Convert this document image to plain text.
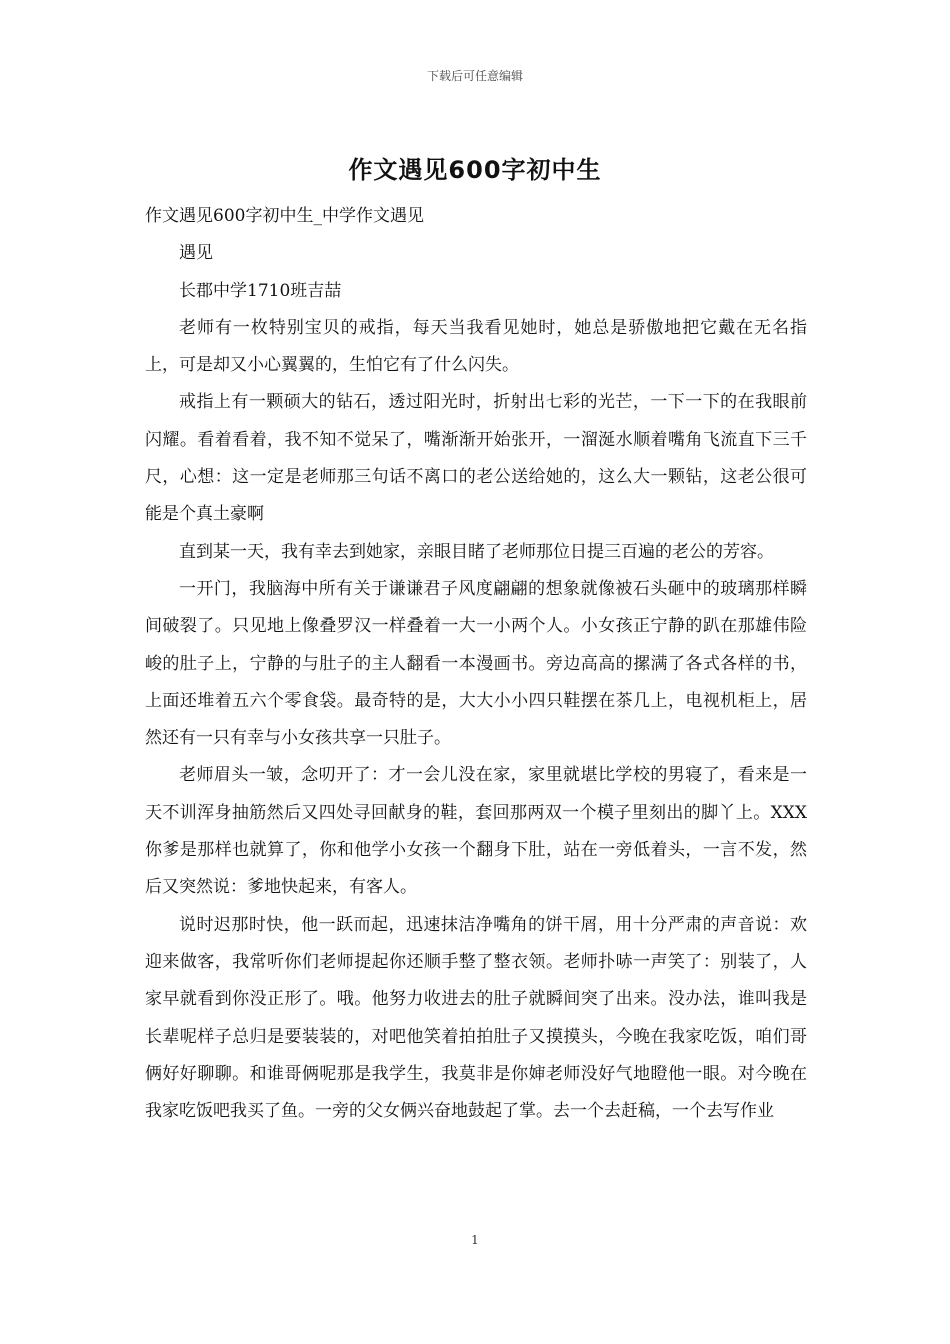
下载后可任意编辑
作文遇见600字初中生

作文遇见600字初中生_中学作文遇见

遇见

长郡中学1710班吉喆

老师有一枚特别宝贝的戒指，每天当我看见她时，她总是骄傲地把它戴在无名指上，可是却又小心翼翼的，生怕它有了什么闪失。

戒指上有一颗硕大的钻石，透过阳光时，折射出七彩的光芒，一下一下的在我眼前闪耀。看着看着，我不知不觉呆了，嘴渐渐开始张开，一溜涎水顺着嘴角飞流直下三千尺，心想：这一定是老师那三句话不离口的老公送给她的，这么大一颗钻，这老公很可能是个真土豪啊

直到某一天，我有幸去到她家，亲眼目睹了老师那位日提三百遍的老公的芳容。

一开门，我脑海中所有关于谦谦君子风度翩翩的想象就像被石头砸中的玻璃那样瞬间破裂了。只见地上像叠罗汉一样叠着一大一小两个人。小女孩正宁静的趴在那雄伟险峻的肚子上，宁静的与肚子的主人翻看一本漫画书。旁边高高的摞满了各式各样的书，上面还堆着五六个零食袋。最奇特的是，大大小小四只鞋摆在茶几上，电视机柜上，居然还有一只有幸与小女孩共享一只肚子。

老师眉头一皱，念叨开了：才一会儿没在家，家里就堪比学校的男寝了，看来是一天不训浑身抽筋然后又四处寻回献身的鞋，套回那两双一个模子里刻出的脚丫上。XXX你爹是那样也就算了，你和他学小女孩一个翻身下肚，站在一旁低着头，一言不发，然后又突然说：爹地快起来，有客人。

说时迟那时快，他一跃而起，迅速抹洁净嘴角的饼干屑，用十分严肃的声音说：欢迎来做客，我常听你们老师提起你还顺手整了整衣领。老师扑哧一声笑了：别装了，人家早就看到你没正形了。哦。他努力收进去的肚子就瞬间突了出来。没办法，谁叫我是长辈呢样子总归是要装装的，对吧他笑着拍拍肚子又摸摸头，今晚在我家吃饭，咱们哥俩好好聊聊。和谁哥俩呢那是我学生，我莫非是你婶老师没好气地瞪他一眼。对今晚在我家吃饭吧我买了鱼。一旁的父女俩兴奋地鼓起了掌。去一个去赶稿，一个去写作业

1
